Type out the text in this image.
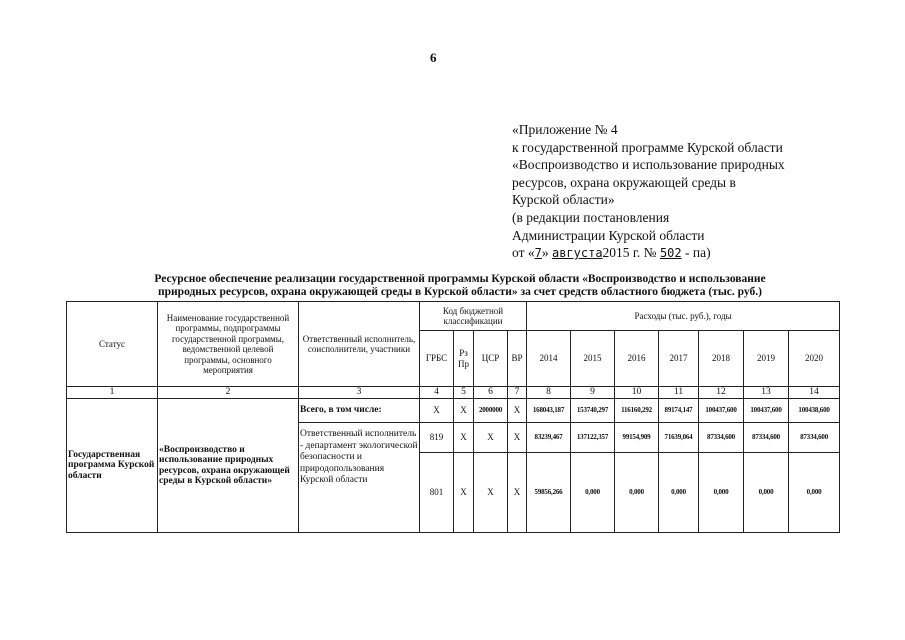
6
«Приложение № 4
к государственной программе Курской области
«Воспроизводство и использование природных
ресурсов, охрана окружающей среды в
Курской области»
(в редакции постановления
Администрации Курской области
от «7» августа2015 г. № 502 - па)
Ресурсное обеспечение реализации государственной программы Курской области «Воспроизводство и использование
природных ресурсов, охрана окружающей среды в Курской области» за счет средств областного бюджета (тыс. руб.)
Статус	Наименование государственной программы, подпрограммы государственной программы, ведомственной целевой программы, основного мероприятия	Ответственный исполнитель, соисполнители, участники	Код бюджетной классификации				Расходы (тыс. руб.), годы						
			ГРБС	Рз Пр	ЦСР	ВР	2014	2015	2016	2017	2018	2019	2020
1	2	3	4	5	6	7	8	9	10	11	12	13	14
Государственная программа Курской области	«Воспроизводство и использование природных ресурсов, охрана окружающей среды в Курской области»	Всего, в том числе:	Х	Х	2000000	Х	168043,187	153740,297	116160,292	89174,147	100437,600	100437,600	100438,600
		Ответственный исполнитель - департамент экологической безопасности и природопользования Курской области	819	Х	Х	Х	83239,467	137122,357	99154,909	71639,064	87334,600	87334,600	87334,600
			801	Х	Х	Х	59856,266	0,000	0,000	0,000	0,000	0,000	0,000
